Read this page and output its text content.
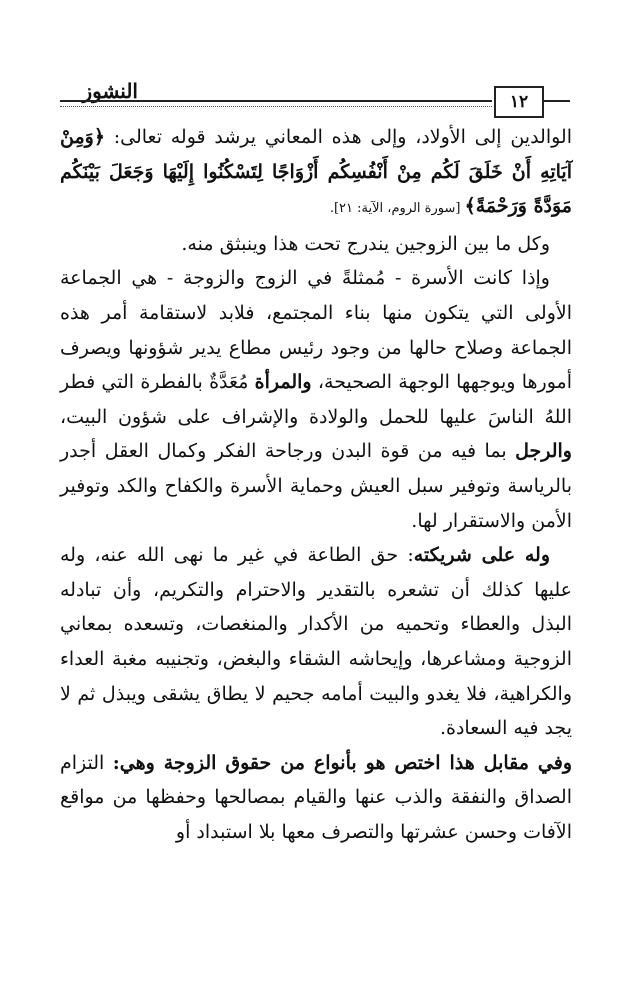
النشوز	١٢

الوالدين إلى الأولاد، وإلى هذه المعاني يرشد قوله تعالى: ﴿وَمِنْ آيَاتِهِ أَنْ خَلَقَ لَكُم مِنْ أَنْفُسِكُم أَزْوَاجًا لِتَسْكُنُوا إِلَيْهَا وَجَعَلَ بَيْنَكُم مَوَدَّةً وَرَحْمَةً﴾ [سورة الروم، الآية: ٢١].

وكل ما بين الزوجين يندرج تحت هذا وينبثق منه.

وإذا كانت الأسرة - مُمثلةً في الزوج والزوجة - هي الجماعة الأولى التي يتكون منها بناء المجتمع، فلابد لاستقامة أمر هذه الجماعة وصلاح حالها من وجود رئيس مطاع يدير شؤونها ويصرف أمورها ويوجهها الوجهة الصحيحة، والمرأة مُعَدَّةٌ بالفطرة التي فطر اللهُ الناسَ عليها للحمل والولادة والإشراف على شؤون البيت، والرجل بما فيه من قوة البدن ورجاحة الفكر وكمال العقل أجدر بالرياسة وتوفير سبل العيش وحماية الأسرة والكفاح والكد وتوفير الأمن والاستقرار لها.

وله على شريكته: حق الطاعة في غير ما نهى الله عنه، وله عليها كذلك أن تشعره بالتقدير والاحترام والتكريم، وأن تبادله البذل والعطاء وتحميه من الأكدار والمنغصات، وتسعده بمعاني الزوجية ومشاعرها، وإيحاشه الشقاء والبغض، وتجنيبه مغبة العداء والكراهية، فلا يغدو والبيت أمامه جحيم لا يطاق يشقى ويبذل ثم لا يجد فيه السعادة.

وفي مقابل هذا اختص هو بأنواع من حقوق الزوجة وهي: التزام الصداق والنفقة والذب عنها والقيام بمصالحها وحفظها من مواقع الآفات وحسن عشرتها والتصرف معها بلا استبداد أو
